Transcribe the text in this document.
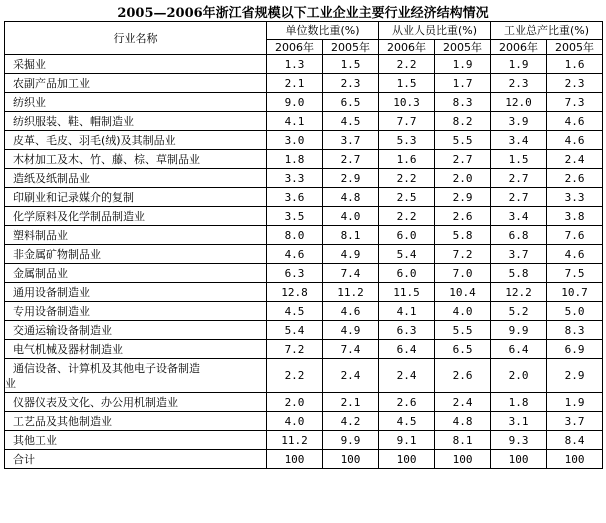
2005—2006年浙江省规模以下工业企业主要行业经济结构情况
行业名称	单位数比重(%)		从业人员比重(%)		工业总产比重(%)	
	2006年	2005年	2006年	2005年	2006年	2005年
采掘业	1.3	1.5	2.2	1.9	1.9	1.6
农副产品加工业	2.1	2.3	1.5	1.7	2.3	2.3
纺织业	9.0	6.5	10.3	8.3	12.0	7.3
纺织服装、鞋、帽制造业	4.1	4.5	7.7	8.2	3.9	4.6
皮革、毛皮、羽毛(绒)及其制品业	3.0	3.7	5.3	5.5	3.4	4.6
木材加工及木、竹、藤、棕、草制品业	1.8	2.7	1.6	2.7	1.5	2.4
造纸及纸制品业	3.3	2.9	2.2	2.0	2.7	2.6
印刷业和记录媒介的复制	3.6	4.8	2.5	2.9	2.7	3.3
化学原料及化学制品制造业	3.5	4.0	2.2	2.6	3.4	3.8
塑料制品业	8.0	8.1	6.0	5.8	6.8	7.6
非金属矿物制品业	4.6	4.9	5.4	7.2	3.7	4.6
金属制品业	6.3	7.4	6.0	7.0	5.8	7.5
通用设备制造业	12.8	11.2	11.5	10.4	12.2	10.7
专用设备制造业	4.5	4.6	4.1	4.0	5.2	5.0
交通运输设备制造业	5.4	4.9	6.3	5.5	9.9	8.3
电气机械及器材制造业	7.2	7.4	6.4	6.5	6.4	6.9
通信设备、计算机及其他电子设备制造
业	2.2	2.4	2.4	2.6	2.0	2.9
仪器仪表及文化、办公用机制造业	2.0	2.1	2.6	2.4	1.8	1.9
工艺品及其他制造业	4.0	4.2	4.5	4.8	3.1	3.7
其他工业	11.2	9.9	9.1	8.1	9.3	8.4
合计	100	100	100	100	100	100
